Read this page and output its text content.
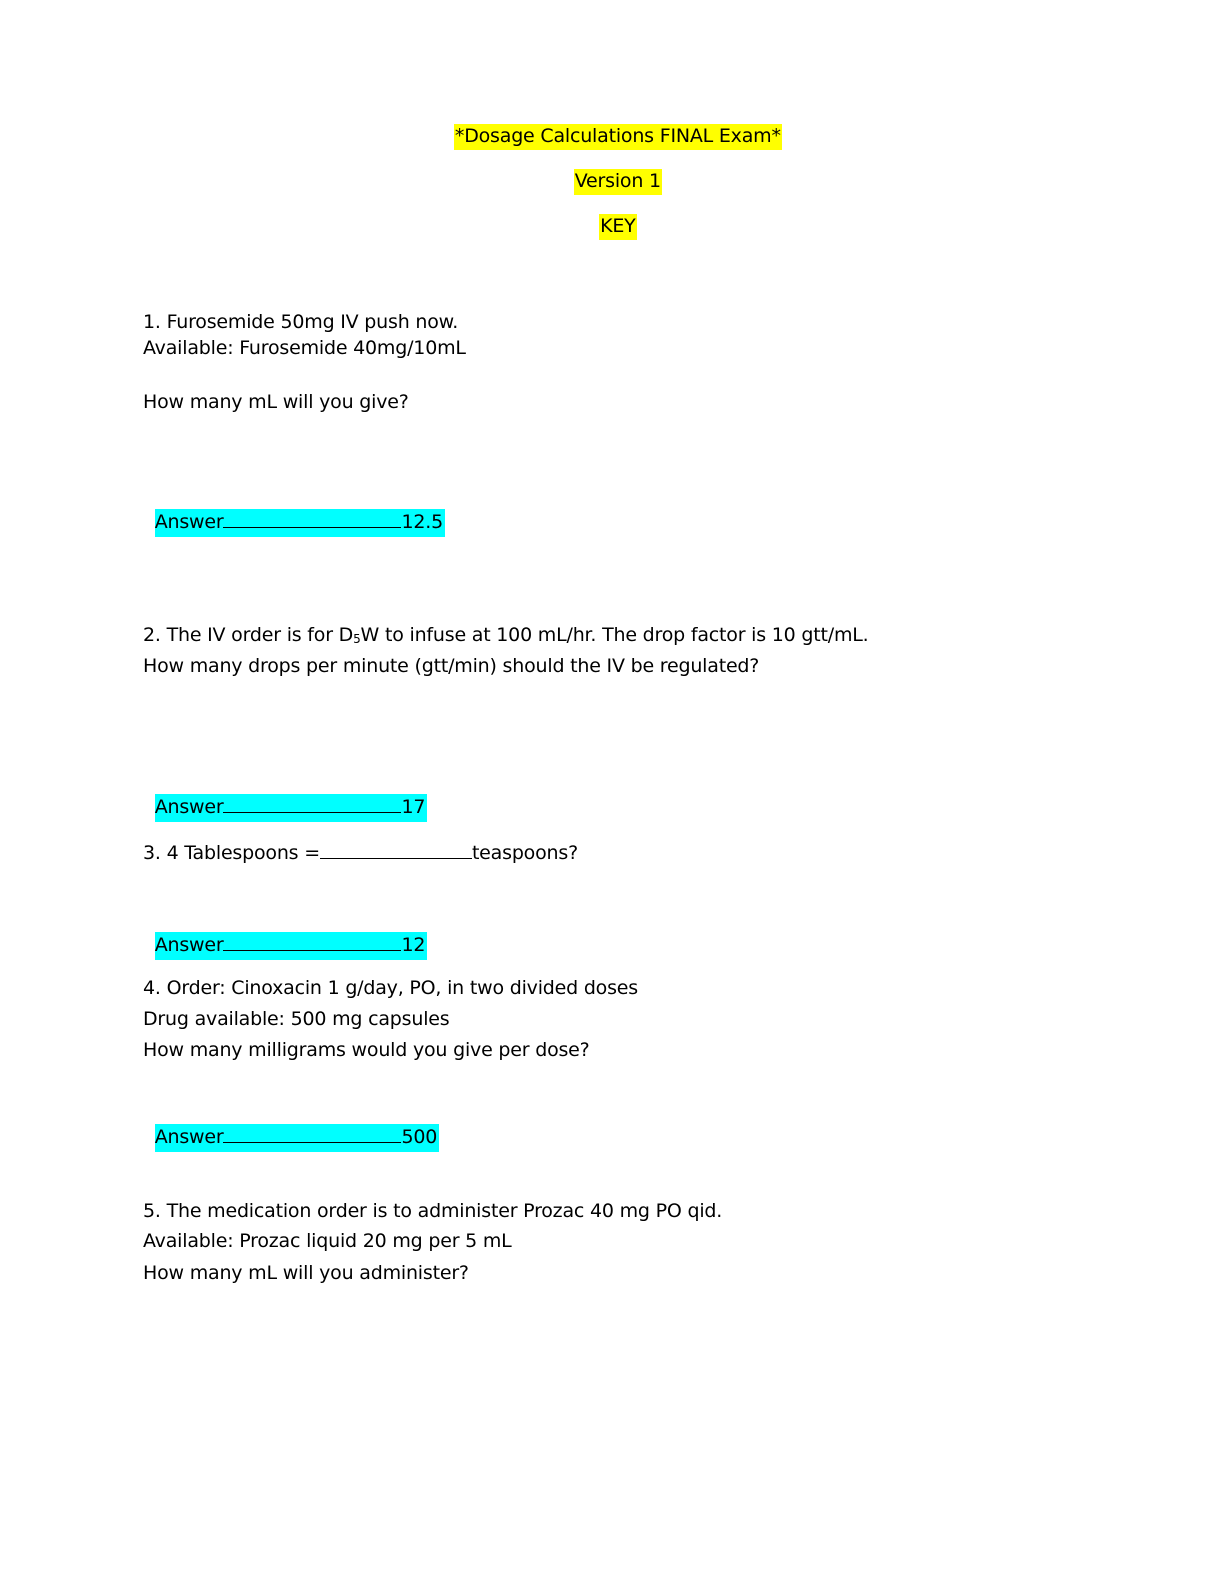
*Dosage Calculations FINAL Exam*

Version 1

KEY

1. Furosemide 50mg IV push now.
Available: Furosemide 40mg/10mL
How many mL will you give?

Answer	12.5

2. The IV order is for $D_5W$ to infuse at 100 mL/hr. The drop factor is 10 gtt/mL.
How many drops per minute (gtt/min) should the IV be regulated?

Answer	17

3. 4 Tablespoons =	teaspoons?

Answer	12

4. Order: Cinoxacin 1 g/day, PO, in two divided doses
Drug available: 500 mg capsules
How many milligrams would you give per dose?

Answer	500

5. The medication order is to administer Prozac 40 mg PO qid.
Available: Prozac liquid 20 mg per 5 mL
How many mL will you administer?
